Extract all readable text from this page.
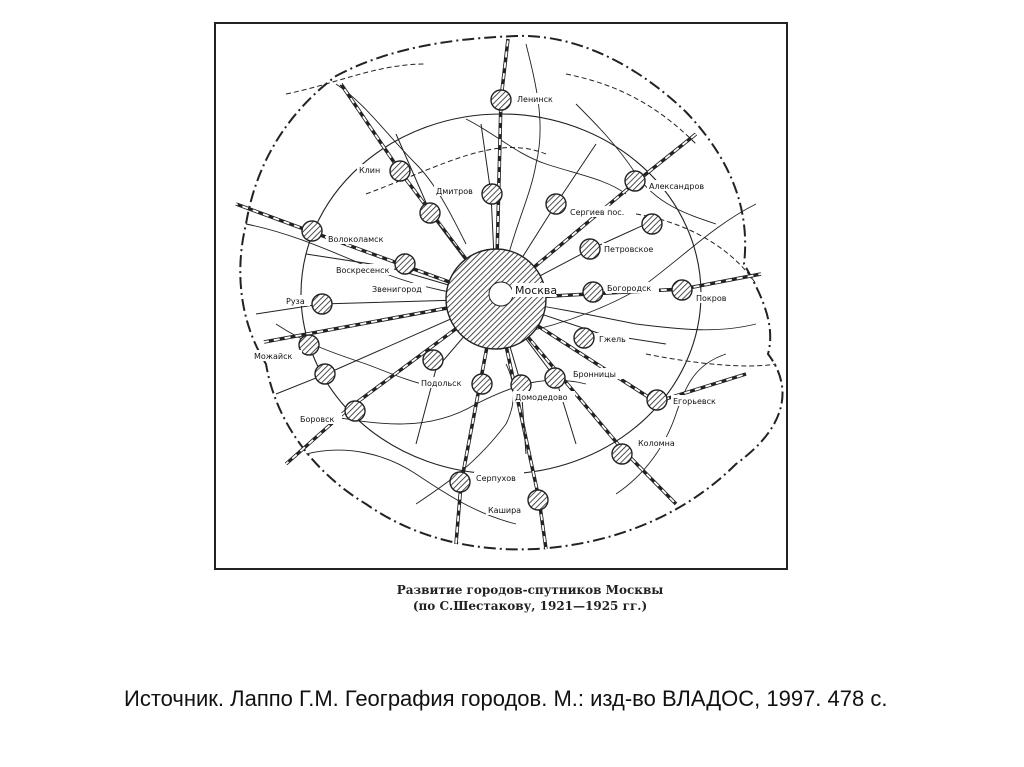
Москва
Ленинск
Клин
Дмитров
Сергиев пос.
Александров
Волоколамск
Петровское
Воскресенск
Звенигород	Богородск
Покров
Руза
Гжель
Можайск
Бронницы
Подольск
Домодедово	Егорьевск
Боровск
Коломна
Серпухов
Кашира
Развитие городов-спутников Москвы
(по С.Шестакову, 1921—1925 гг.)
Источник. Лаппо Г.М. География городов. М.: изд-во ВЛАДОС, 1997. 478 с.
